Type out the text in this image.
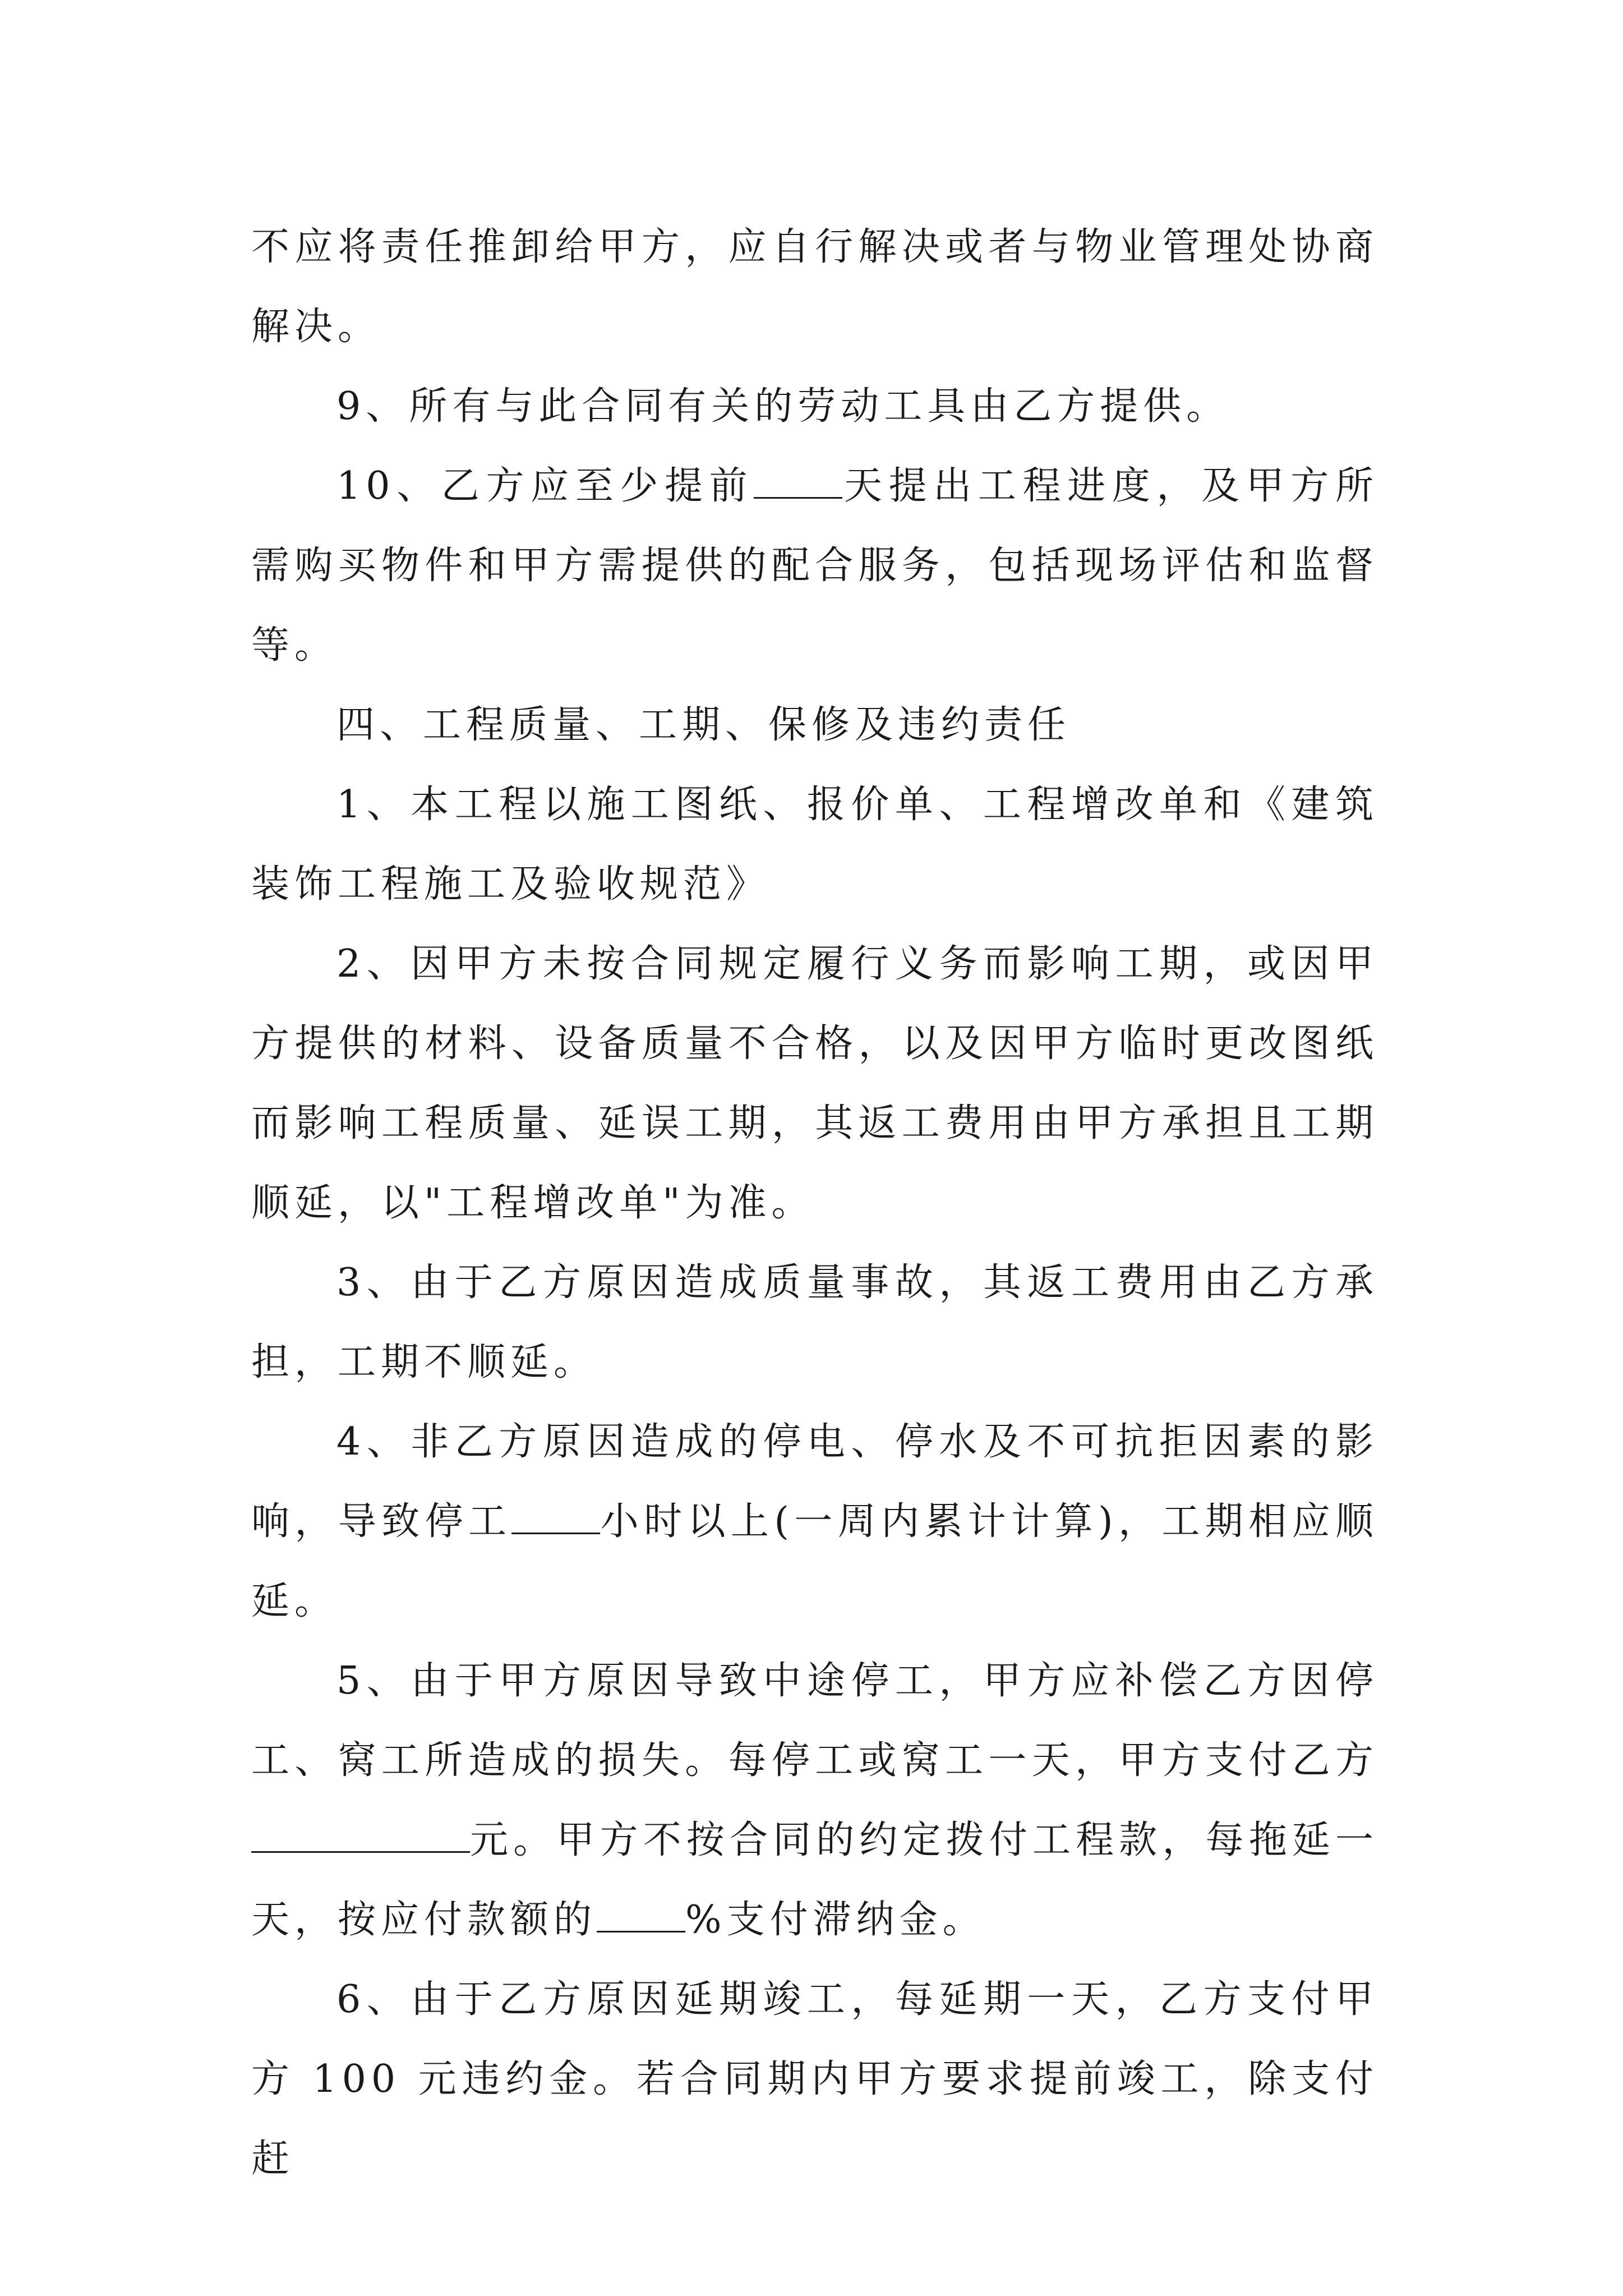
不应将责任推卸给甲方，应自行解决或者与物业管理处协商解决。

9、所有与此合同有关的劳动工具由乙方提供。

10、乙方应至少提前 天提出工程进度，及甲方所需购买物件和甲方需提供的配合服务，包括现场评估和监督等。

四、工程质量、工期、保修及违约责任

1、本工程以施工图纸、报价单、工程增改单和《建筑装饰工程施工及验收规范》

2、因甲方未按合同规定履行义务而影响工期，或因甲方提供的材料、设备质量不合格，以及因甲方临时更改图纸而影响工程质量、延误工期，其返工费用由甲方承担且工期顺延，以"工程增改单"为准。

3、由于乙方原因造成质量事故，其返工费用由乙方承担，工期不顺延。

4、非乙方原因造成的停电、停水及不可抗拒因素的影响，导致停工 小时以上(一周内累计计算)，工期相应顺延。

5、由于甲方原因导致中途停工，甲方应补偿乙方因停工、窝工所造成的损失。每停工或窝工一天，甲方支付乙方元。甲方不按合同的约定拨付工程款，每拖延一天，按应付款额的 %支付滞纳金。

6、由于乙方原因延期竣工，每延期一天，乙方支付甲方 100 元违约金。若合同期内甲方要求提前竣工，除支付赶
